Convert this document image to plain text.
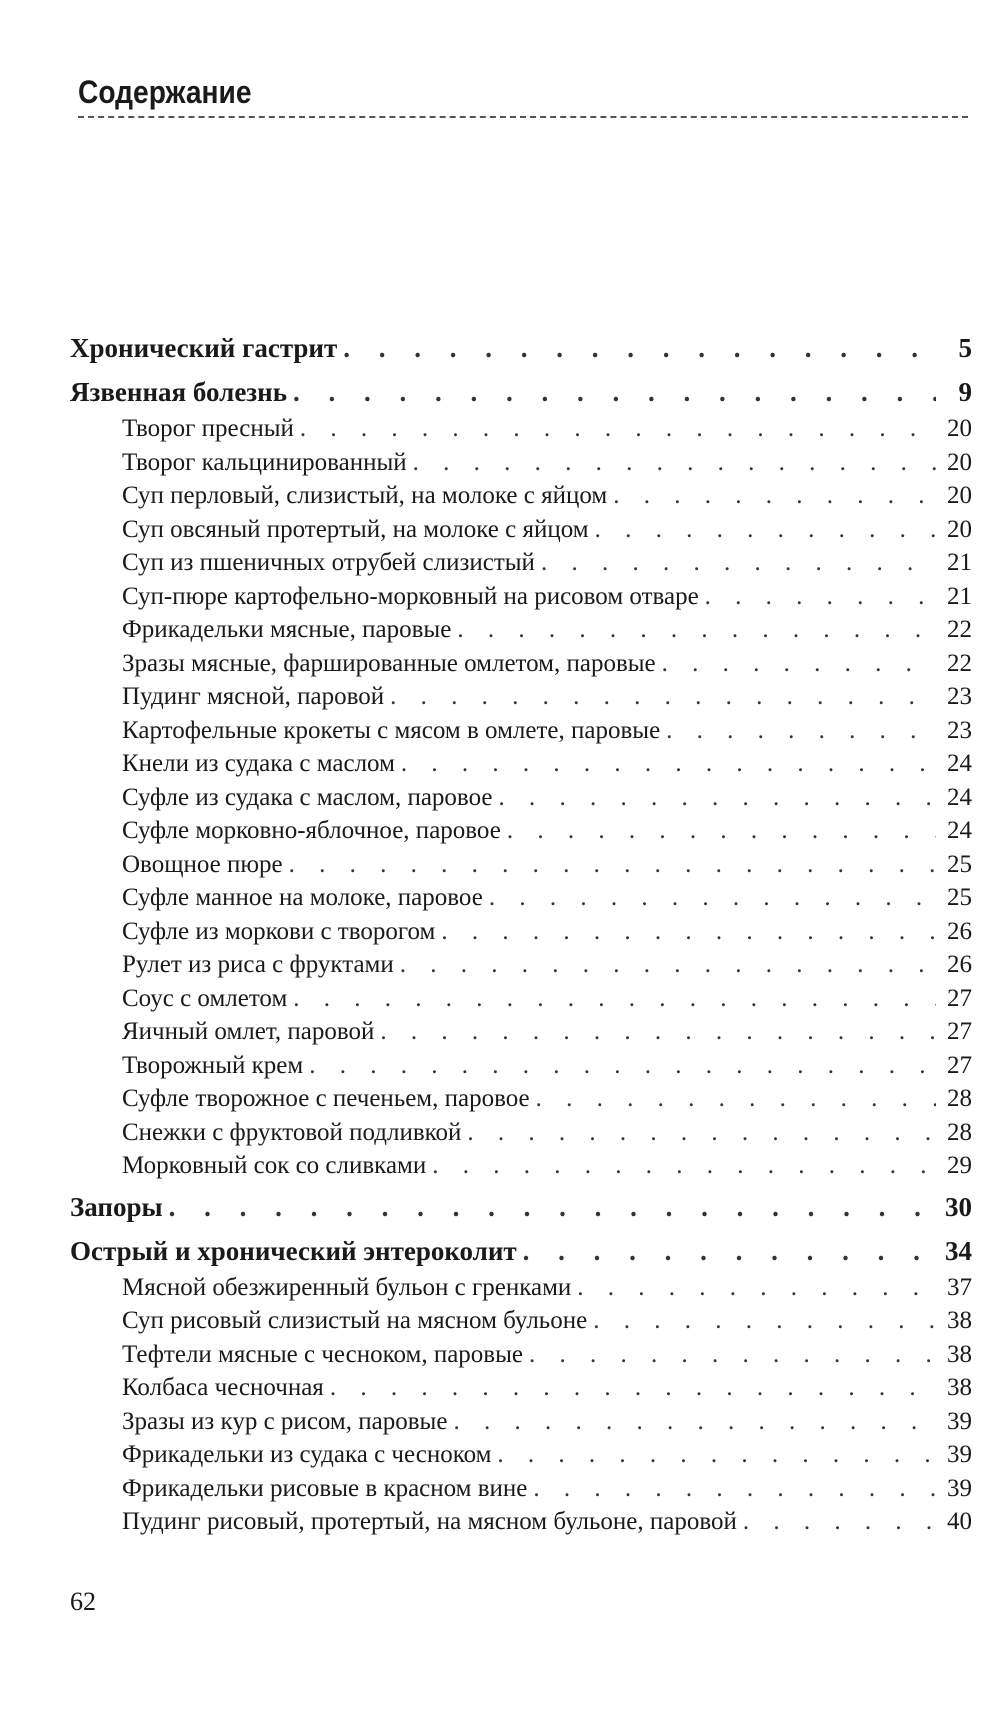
Содержание
Хронический гастрит . . .	5
Язвенная болезнь . . .	9
Творог пресный . . .	20
Творог кальцинированный . . .	20
Суп перловый, слизистый, на молоке с яйцом . . .	20
Суп овсяный протертый, на молоке с яйцом . . .	20
Суп из пшеничных отрубей слизистый . . .	21
Суп-пюре картофельно-морковный на рисовом отваре . . .	21
Фрикадельки мясные, паровые . . .	22
Зразы мясные, фаршированные омлетом, паровые . . .	22
Пудинг мясной, паровой . . .	23
Картофельные крокеты с мясом в омлете, паровые . . .	23
Кнели из судака с маслом . . .	24
Суфле из судака с маслом, паровое . . .	24
Суфле морковно-яблочное, паровое . . .	24
Овощное пюре . . .	25
Суфле манное на молоке, паровое . . .	25
Суфле из моркови с творогом . . .	26
Рулет из риса с фруктами . . .	26
Соус с омлетом . . .	27
Яичный омлет, паровой . . .	27
Творожный крем . . .	27
Суфле творожное с печеньем, паровое . . .	28
Снежки с фруктовой подливкой . . .	28
Морковный сок со сливками . . .	29
Запоры . . .	30
Острый и хронический энтероколит . . .	34
Мясной обезжиренный бульон с гренками . . .	37
Суп рисовый слизистый на мясном бульоне . . .	38
Тефтели мясные с чесноком, паровые . . .	38
Колбаса чесночная . . .	38
Зразы из кур с рисом, паровые . . .	39
Фрикадельки из судака с чесноком . . .	39
Фрикадельки рисовые в красном вине . . .	39
Пудинг рисовый, протертый, на мясном бульоне, паровой . . .	40
62
